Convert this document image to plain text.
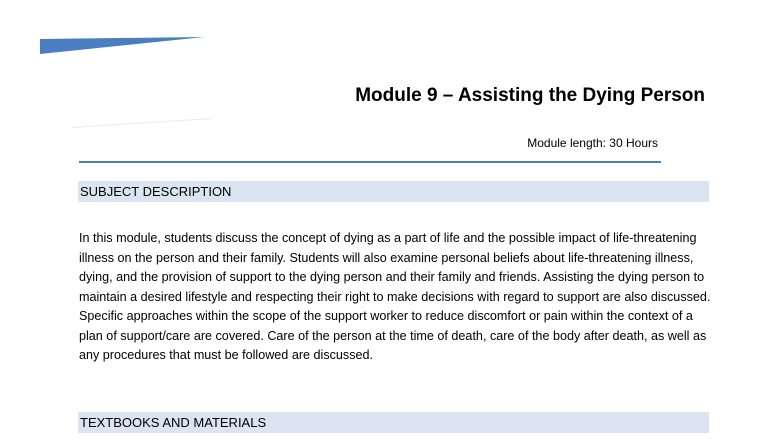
Module 9 – Assisting the Dying Person
Module length: 30 Hours
SUBJECT DESCRIPTION

In this module, students discuss the concept of dying as a part of life and the possible impact of life-threatening illness on the person and their family. Students will also examine personal beliefs about life-threatening illness, dying, and the provision of support to the dying person and their family and friends. Assisting the dying person to maintain a desired lifestyle and respecting their right to make decisions with regard to support are also discussed. Specific approaches within the scope of the support worker to reduce discomfort or pain within the context of a plan of support/care are covered. Care of the person at the time of death, care of the body after death, as well as any procedures that must be followed are discussed.

TEXTBOOKS AND MATERIALS
